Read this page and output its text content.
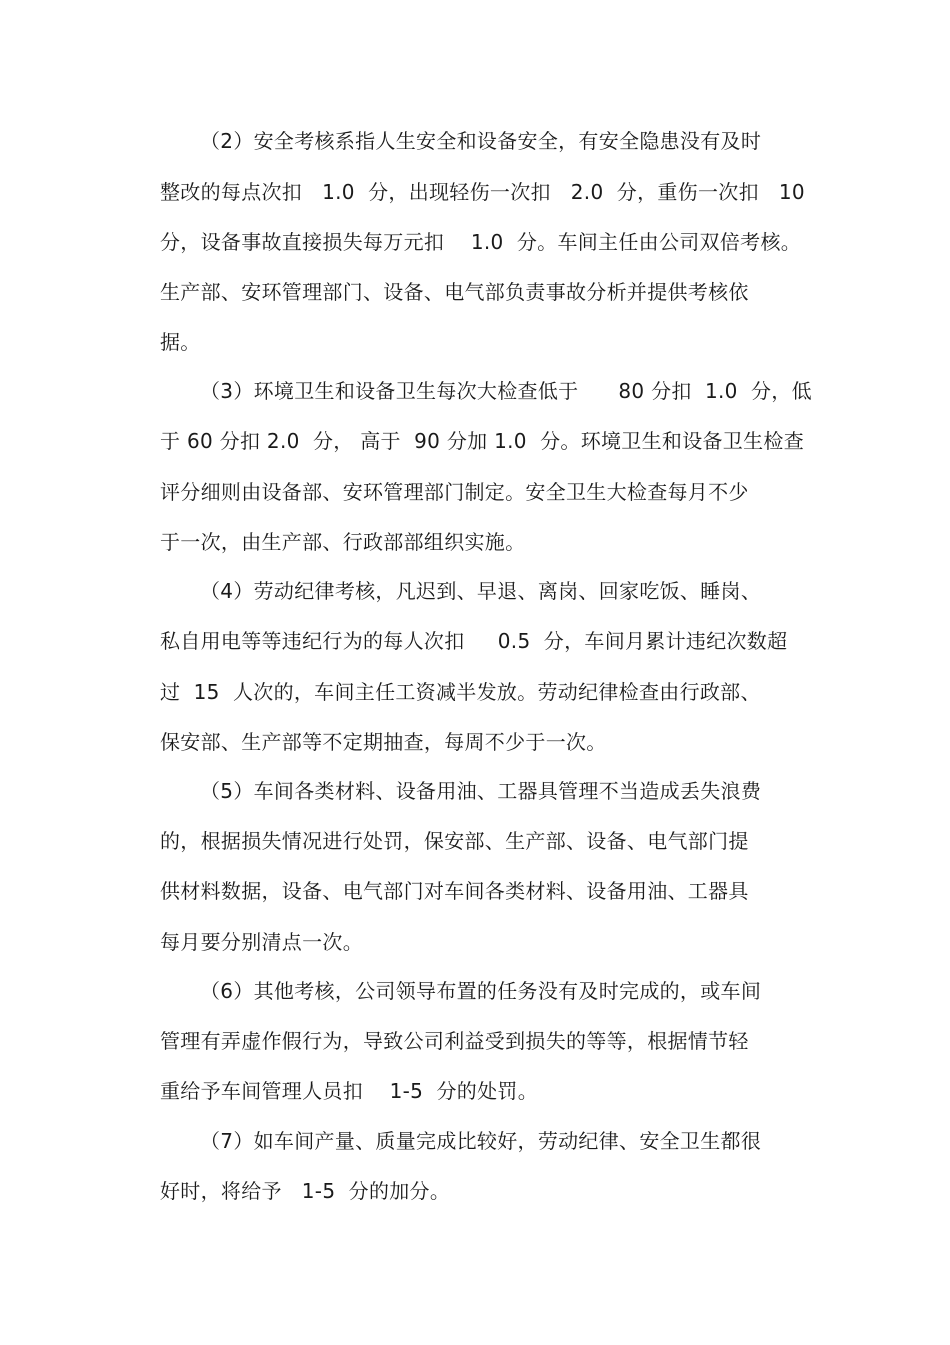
（2）安全考核系指人生安全和设备安全，有安全隐患没有及时
整改的每点次扣   1.0  分，出现轻伤一次扣   2.0  分，重伤一次扣   10
分，设备事故直接损失每万元扣    1.0  分。车间主任由公司双倍考核。
生产部、安环管理部门、设备、电气部负责事故分析并提供考核依
据。
（3）环境卫生和设备卫生每次大检查低于      80 分扣  1.0  分，低
于 60 分扣 2.0  分， 高于  90 分加 1.0  分。环境卫生和设备卫生检查
评分细则由设备部、安环管理部门制定。安全卫生大检查每月不少
于一次，由生产部、行政部部组织实施。
（4）劳动纪律考核，凡迟到、早退、离岗、回家吃饭、睡岗、
私自用电等等违纪行为的每人次扣     0.5  分，车间月累计违纪次数超
过  15  人次的，车间主任工资减半发放。劳动纪律检查由行政部、
保安部、生产部等不定期抽查，每周不少于一次。
（5）车间各类材料、设备用油、工器具管理不当造成丢失浪费
的，根据损失情况进行处罚，保安部、生产部、设备、电气部门提
供材料数据，设备、电气部门对车间各类材料、设备用油、工器具
每月要分别清点一次。
（6）其他考核，公司领导布置的任务没有及时完成的，或车间
管理有弄虚作假行为，导致公司利益受到损失的等等，根据情节轻
重给予车间管理人员扣    1-5  分的处罚。
（7）如车间产量、质量完成比较好，劳动纪律、安全卫生都很
好时，将给予   1-5  分的加分。
